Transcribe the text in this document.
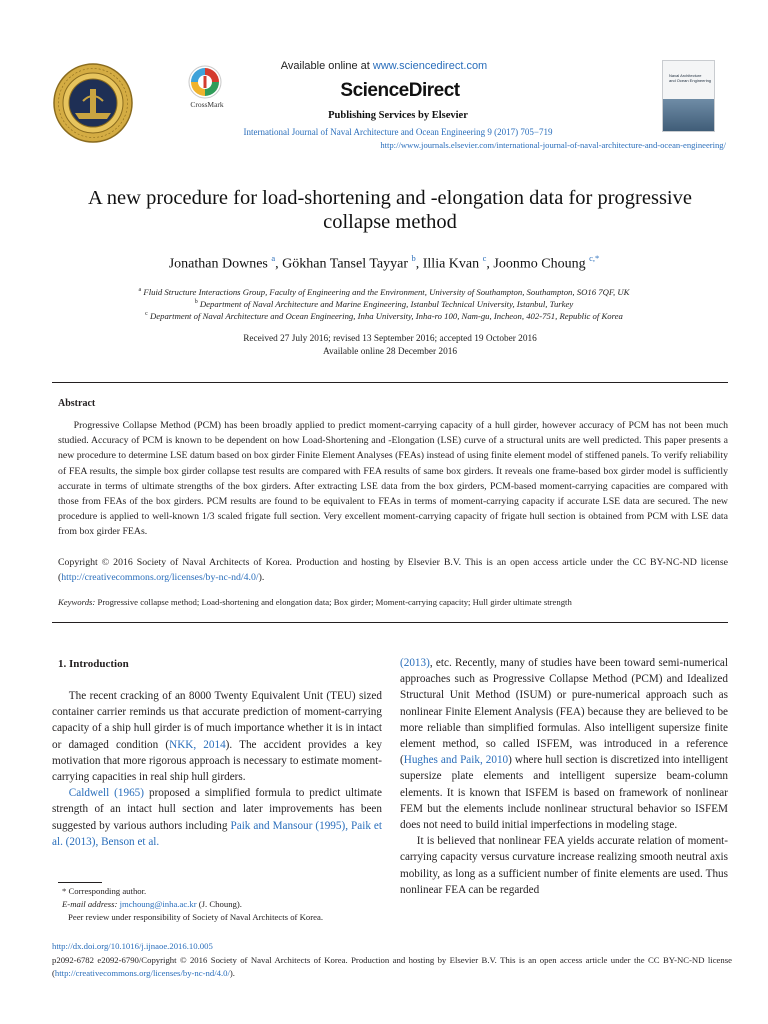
CrossMark
Available online at www.sciencedirect.com
ScienceDirect
Publishing Services by Elsevier
International Journal of Naval Architecture and Ocean Engineering 9 (2017) 705−719
http://www.journals.elsevier.com/international-journal-of-naval-architecture-and-ocean-engineering/
Naval Architecture
and Ocean Engineering
A new procedure for load-shortening and -elongation data for progressive
collapse method
Jonathan Downes $^a$, Gökhan Tansel Tayyar $^b$, Illia Kvan $^c$, Joonmo Choung $^{c,*}$
$^a$ Fluid Structure Interactions Group, Faculty of Engineering and the Environment, University of Southampton, Southampton, SO16 7QF, UK
$^b$ Department of Naval Architecture and Marine Engineering, Istanbul Technical University, Istanbul, Turkey
$^c$ Department of Naval Architecture and Ocean Engineering, Inha University, Inha-ro 100, Nam-gu, Incheon, 402-751, Republic of Korea
Received 27 July 2016; revised 13 September 2016; accepted 19 October 2016
Available online 28 December 2016
Abstract
Progressive Collapse Method (PCM) has been broadly applied to predict moment-carrying capacity of a hull girder, however accuracy of PCM has not been much studied. Accuracy of PCM is known to be dependent on how Load-Shortening and -Elongation (LSE) curve of a structural units are well predicted. This paper presents a new procedure to determine LSE datum based on box girder Finite Element Analyses (FEAs) instead of using finite element model of stiffened panels. To verify reliability of FEA results, the simple box girder collapse test results are compared with FEA results of same box girders. It reveals one frame-based box girder model is sufficiently accurate in terms of ultimate strengths of the box girders. After extracting LSE data from the box girders, PCM-based moment-carrying capacities are compared with those from FEAs of the box girders. PCM results are found to be equivalent to FEAs in terms of moment-carrying capacity if accurate LSE data are secured. The new procedure is applied to well-known 1/3 scaled frigate full section. Very excellent moment-carrying capacity of frigate hull section is obtained from PCM with LSE data from box girder FEAs.
Copyright © 2016 Society of Naval Architects of Korea. Production and hosting by Elsevier B.V. This is an open access article under the CC BY-NC-ND license (http://creativecommons.org/licenses/by-nc-nd/4.0/).
Keywords: Progressive collapse method; Load-shortening and elongation data; Box girder; Moment-carrying capacity; Hull girder ultimate strength
1. Introduction

The recent cracking of an 8000 Twenty Equivalent Unit (TEU) sized container carrier reminds us that accurate prediction of moment-carrying capacity of a ship hull girder is of much importance whether it is in intact or damaged condition (NKK, 2014). The accident provides a key motivation that more rigorous approach is necessary to estimate moment-carrying capacities in real ship hull girders.

Caldwell (1965) proposed a simplified formula to predict ultimate strength of an intact hull section and later improvements has been suggested by various authors including Paik and Mansour (1995), Paik et al. (2013), Benson et al.

(2013), etc. Recently, many of studies have been toward semi-numerical approaches such as Progressive Collapse Method (PCM) and Idealized Structural Unit Method (ISUM) or pure-numerical approach such as nonlinear Finite Element Analysis (FEA) because they are believed to be more reliable than simplified formulas. Also intelligent supersize finite element method, so called ISFEM, was introduced in a reference (Hughes and Paik, 2010) where hull section is discretized into intelligent supersize plate elements and intelligent supersize beam-column elements. It is known that ISFEM is based on framework of nonlinear FEM but the elements include nonlinear structural behavior so ISFEM does not need to build initial imperfections in modeling stage.

It is believed that nonlinear FEA yields accurate relation of moment-carrying capacity versus curvature increase realizing smooth neutral axis mobility, as long as a sufficient number of finite elements are used. Thus nonlinear FEA can be regarded

* Corresponding author.
E-mail address: jmchoung@inha.ac.kr (J. Choung).
Peer review under responsibility of Society of Naval Architects of Korea.
http://dx.doi.org/10.1016/j.ijnaoe.2016.10.005
p2092-6782 e2092-6790/Copyright © 2016 Society of Naval Architects of Korea. Production and hosting by Elsevier B.V. This is an open access article under the CC BY-NC-ND license (http://creativecommons.org/licenses/by-nc-nd/4.0/).
